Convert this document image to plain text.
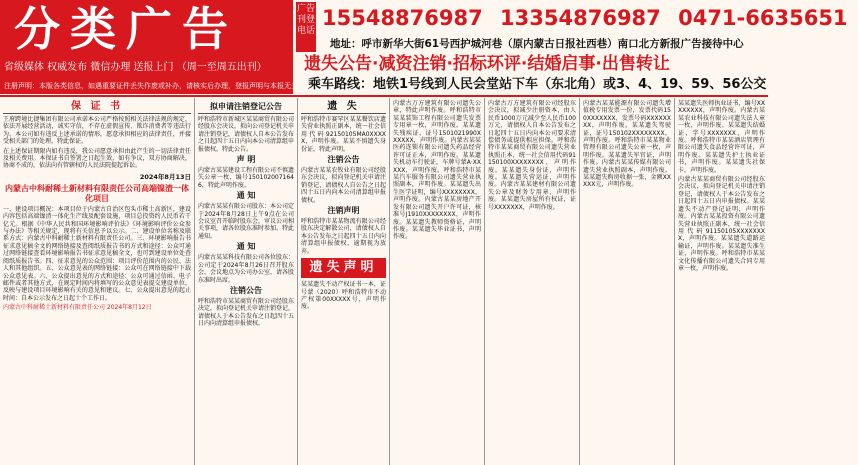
分类广告
省级媒体 权威发布 微信办理 送报上门 （周一至周五出刊）
注册声明：本版各类信息，如遇重要证件丢失作废或补办，请核实后办理，登报声明与本报无关。
广告刊登电话
15548876987 13354876987 0471-6635651
地址：呼市新华大街61号西护城河巷（原内蒙古日报社西巷）南口北方新报广告接待中心
遗失公告·减资注销·招标环评·结婚启事·出售转让
乘车路线：地铁1号线到人民会堂站下车（东北角）或3、4、19、59、56公交
保 证 书

王府跨境比捷集团有限公司承诺本公司严格按照相关法律法规的规定，依法开展经营活动，诚实守信，不存在虚假宣传、欺诈消费者等违法行为。本公司如有违反上述承诺的情形，愿意承担相应的法律责任，并接受相关部门的处理。特此保证。

在上述保证期限内如有违反，我公司愿意承担由此产生的一切法律责任及相关费用。本保证书自签署之日起生效，如有争议，双方协商解决，协商不成的，依法向有管辖权的人民法院提起诉讼。

2024年8月13日
内蒙古中科耐稀土新材料有限责任公司高端镍渣一体化项目

一、建设项目概况：本项目位于内蒙古自治区包头市稀土高新区，建设内容包括高端镍渣一体化生产线及配套设施，项目总投资约人民币若干亿元。根据《中华人民共和国环境影响评价法》《环境影响评价公众参与办法》等相关规定，现将有关信息予以公示。二、建设单位名称及联系方式：内蒙古中科耐稀土新材料有限责任公司。三、环境影响报告书征求意见稿全文的网络链接及查阅纸质报告书的方式和途径：公众可通过网络链接查看环境影响报告书征求意见稿全文，也可到建设单位处查阅纸质报告书。四、征求意见的公众范围：项目评价范围内的公民、法人和其他组织。五、公众意见表的网络链接：公众可在网络链接中下载公众意见表。六、公众提出意见的方式和途径：公众可通过信函、电子邮件或者其他方式，在规定时间内将填写的公众意见表提交建设单位，反映与建设项目环境影响有关的意见和建议。七、公众提出意见的起止时间：自本公示发布之日起十个工作日。

内蒙古中科耐稀土新材料有限责任公司 2024年8月12日

拟申请注销登记公告

呼和浩特市新城区某某商贸有限公司经股东会决议，拟向公司登记机关申请注销登记，请债权人自本公告发布之日起四十五日内向本公司清算组申报债权。特此公告。

声 明

内蒙古某某建设工程有限公司不慎遗失公章一枚，编号1501020071646，特此声明作废。

通 知

内蒙古某某有限公司股东：本公司定于2024年8月28日上午9点在公司会议室召开临时股东会，审议公司相关事项，请各位股东准时参加。特此通知。

通 知

内蒙古某某科技有限公司各位股东：公司定于2024年8月26日召开股东会，会议地点为公司办公室，请各股东准时出席。

注销公告

呼和浩特市某某商贸有限公司经股东决定，拟向登记机关申请注销登记，请债权人于本公告发布之日起四十五日内向清算组申报债权。

遗 失

呼和浩特市赛罕区某某餐饮店遗失营业执照正副本，统一社会信用代码92150105MA0XXXXX，声明作废。某某不慎遗失身份证，特此声明。

注销公告

内蒙古某某农牧业有限公司经股东会决议，拟向登记机关申请注销登记，请债权人自公告之日起四十五日内向本公司清算组申报债权。

注销声明

呼和浩特市某某物流有限公司经股东决定解散公司，请债权人自本公告发布之日起四十五日内向清算组申报债权，逾期视为放弃。

遗失声明

某某遗失不动产权证书一本，证号蒙（2020）呼和浩特市不动产权第00XXXXX号，声明作废。

内蒙古万方建筑有限公司遗失公章，特此声明作废。呼和浩特市某某装饰工程有限公司遗失发票专用章一枚，声明作废。某某遗失残疾证，证号1501021990XXXXXX，声明作废。内蒙古某某医药连锁有限公司遗失药品经营许可证正本，声明作废。某某遗失机动车行驶证，车牌号蒙A·XXXXX，声明作废。呼和浩特市某某汽车服务有限公司遗失营业执照副本，声明作废。某某遗失出生医学证明，编号XXXXXXXX，声明作废。内蒙古某某房地产开发有限公司遗失开户许可证，核准号J1910XXXXXXXX，声明作废。某某遗失教师资格证，声明作废。某某遗失毕业证书，声明作废。

内蒙古万方建筑有限公司经股东会决议，拟减少注册资本，由人民币1000万元减少至人民币100万元，请债权人自本公告发布之日起四十五日内向本公司要求清偿债务或提供相应担保。呼和浩特市某某商贸有限公司遗失营业执照正本，统一社会信用代码91150100XXXXXXXX，声明作废。某某遗失身份证，声明作废。某某遗失营运证，声明作废。内蒙古某某建材有限公司遗失公章及财务专用章，声明作废。某某遗失房屋所有权证，证号XXXXXXX，声明作废。

内蒙古某某能源有限公司遗失增值税专用发票一份，发票代码150XXXXXXX，发票号码XXXXXXXX，声明作废。某某遗失驾驶证，证号150102XXXXXXXX，声明作废。呼和浩特市某某物业管理有限公司遗失公章一枚，声明作废。某某遗失军官证，声明作废。内蒙古某某传媒有限公司遗失营业执照副本，声明作废。某某遗失购房收据一张，金额XXXXX元，声明作废。

某某遗失医师执业证书，编号XXXXXXXX，声明作废。内蒙古某某农业科技有限公司遗失法人章一枚，声明作废。某某遗失结婚证，字号XXXXXXX，声明作废。呼和浩特市某某酒店管理有限公司遗失食品经营许可证，声明作废。某某遗失护士执业证书，声明作废。某某遗失社保卡，声明作废。

内蒙古某某商贸有限公司经股东会决议，拟向登记机关申请注销登记，请债权人于本公告发布之日起四十五日内申报债权。某某遗失不动产登记证明，声明作废。内蒙古某某投资有限公司遗失营业执照正副本，统一社会信用代码91150105XXXXXXXX，声明作废。某某遗失道路运输证，声明作废。某某遗失准生证，声明作废。呼和浩特市某某文化传播有限公司遗失合同专用章一枚，声明作废。
